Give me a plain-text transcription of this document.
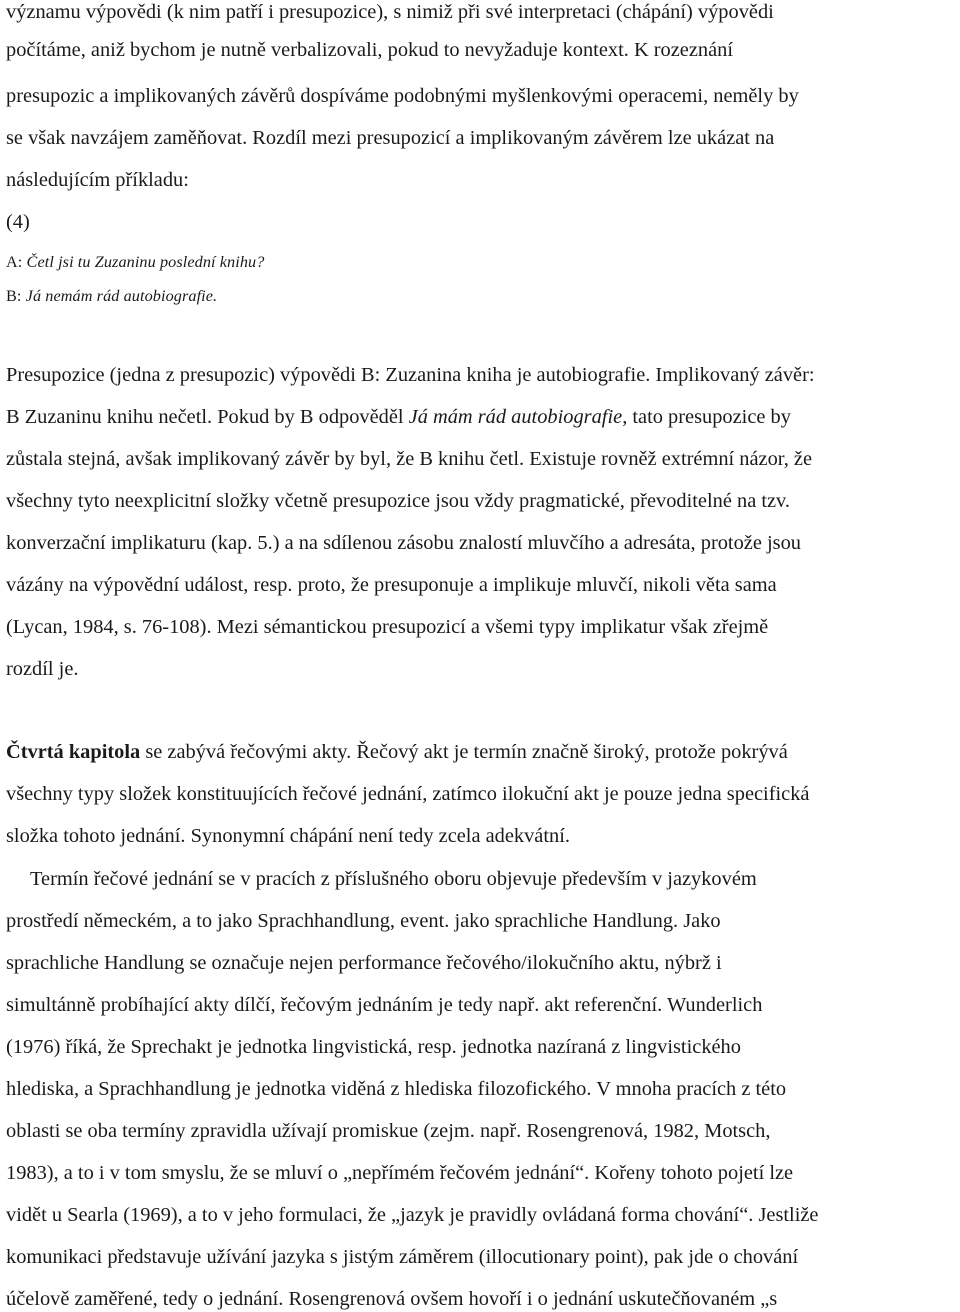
významu výpovědi (k nim patří i presupozice), s nimiž při své interpretaci (chápání) výpovědi
počítáme, aniž bychom je nutně verbalizovali, pokud to nevyžaduje kontext. K rozeznání
presupozic a implikovaných závěrů dospíváme podobnými myšlenkovými operacemi, neměly by
se však navzájem zaměňovat. Rozdíl mezi presupozicí a implikovaným závěrem lze ukázat na
následujícím příkladu:
(4)
A: Četl jsi tu Zuzaninu poslední knihu?
B: Já nemám rád autobiografie.
Presupozice (jedna z presupozic) výpovědi B: Zuzanina kniha je autobiografie. Implikovaný závěr:
B Zuzaninu knihu nečetl. Pokud by B odpověděl Já mám rád autobiografie, tato presupozice by
zůstala stejná, avšak implikovaný závěr by byl, že B knihu četl. Existuje rovněž extrémní názor, že
všechny tyto neexplicitní složky včetně presupozice jsou vždy pragmatické, převoditelné na tzv.
konverzační implikaturu (kap. 5.) a na sdílenou zásobu znalostí mluvčího a adresáta, protože jsou
vázány na výpovědní událost, resp. proto, že presuponuje a implikuje mluvčí, nikoli věta sama
(Lycan, 1984, s. 76-108). Mezi sémantickou presupozicí a všemi typy implikatur však zřejmě
rozdíl je.
Čtvrtá kapitola se zabývá řečovými akty. Řečový akt je termín značně široký, protože pokrývá
všechny typy složek konstituujících řečové jednání, zatímco ilokuční akt je pouze jedna specifická
složka tohoto jednání. Synonymní chápání není tedy zcela adekvátní.
Termín řečové jednání se v pracích z příslušného oboru objevuje především v jazykovém
prostředí německém, a to jako Sprachhandlung, event. jako sprachliche Handlung. Jako
sprachliche Handlung se označuje nejen performance řečového/ilokučního aktu, nýbrž i
simultánně probíhající akty dílčí, řečovým jednáním je tedy např. akt referenční. Wunderlich
(1976) říká, že Sprechakt je jednotka lingvistická, resp. jednotka nazíraná z lingvistického
hlediska, a Sprachhandlung je jednotka viděná z hlediska filozofického. V mnoha pracích z této
oblasti se oba termíny zpravidla užívají promiskue (zejm. např. Rosengrenová, 1982, Motsch,
1983), a to i v tom smyslu, že se mluví o „nepřímém řečovém jednání“. Kořeny tohoto pojetí lze
vidět u Searla (1969), a to v jeho formulaci, že „jazyk je pravidly ovládaná forma chování“. Jestliže
komunikaci představuje užívání jazyka s jistým záměrem (illocutionary point), pak jde o chování
účelově zaměřené, tedy o jednání. Rosengrenová ovšem hovoří i o jednání uskutečňovaném „s
